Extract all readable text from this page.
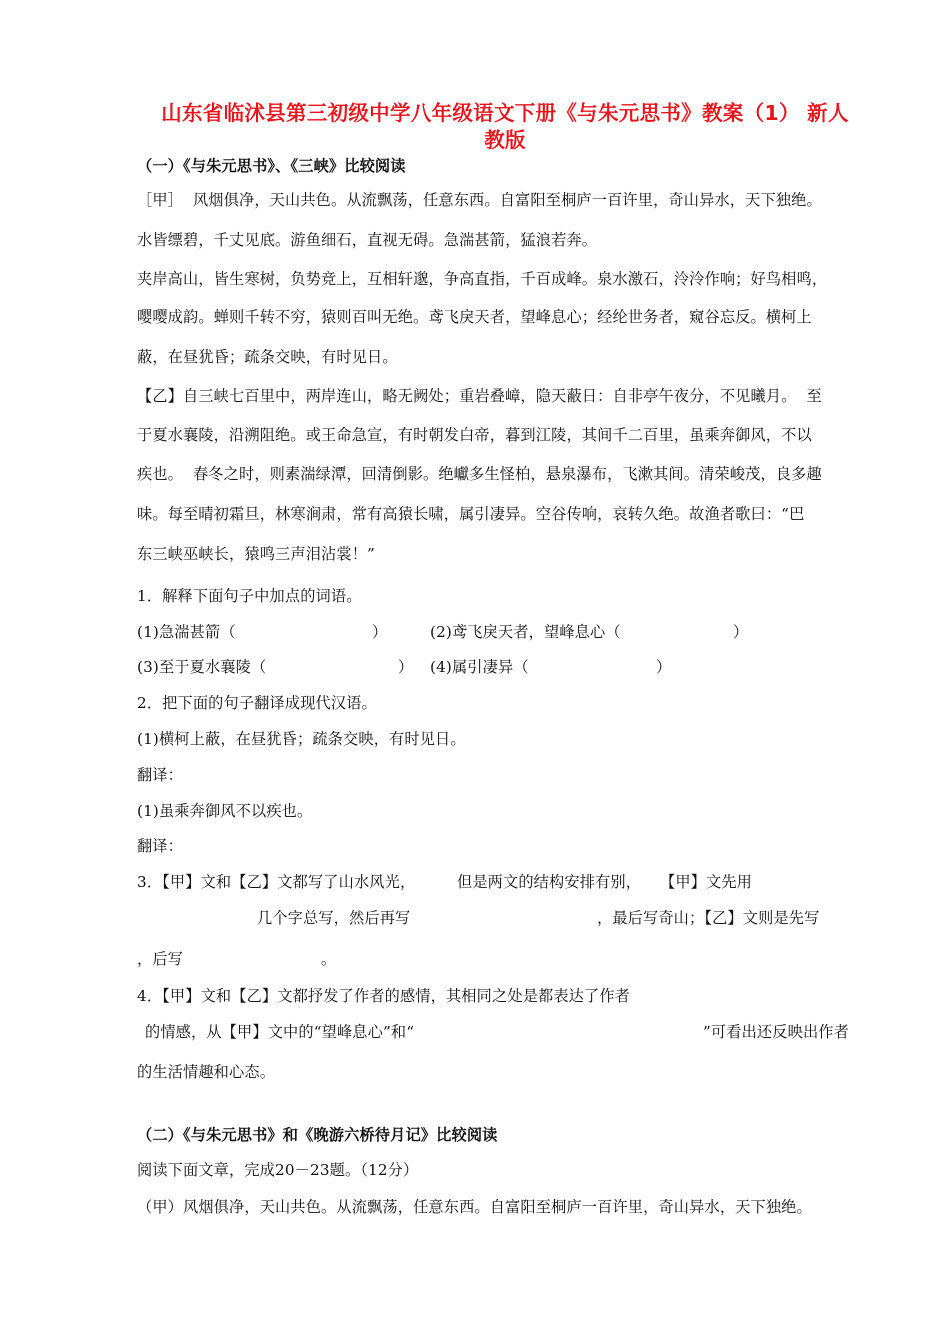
山东省临沭县第三初级中学八年级语文下册《与朱元思书》教案（1） 新人
教版
（一）《与朱元思书》、《三峡》比较阅读
［甲］  风烟俱净，天山共色。从流飘荡，任意东西。自富阳至桐庐一百许里，奇山异水，天下独绝。
水皆缥碧，千丈见底。游鱼细石，直视无碍。急湍甚箭，猛浪若奔。
夹岸高山，皆生寒树，负势竞上，互相轩邈，争高直指，千百成峰。泉水激石，泠泠作响；好鸟相鸣，
嘤嘤成韵。蝉则千转不穷，猿则百叫无绝。鸢飞戾天者，望峰息心；经纶世务者，窥谷忘反。横柯上
蔽，在昼犹昏；疏条交映，有时见日。
【乙】自三峡七百里中，两岸连山，略无阙处；重岩叠嶂，隐天蔽日：自非亭午夜分，不见曦月。  至
于夏水襄陵，沿溯阻绝。或王命急宣，有时朝发白帝，暮到江陵，其间千二百里，虽乘奔御风，不以
疾也。  春冬之时，则素湍绿潭，回清倒影。绝巘多生怪柏，悬泉瀑布，飞漱其间。清荣峻茂，良多趣
味。每至晴初霜旦，林寒涧肃，常有高猿长啸，属引凄异。空谷传响，哀转久绝。故渔者歌曰：“巴
东三峡巫峡长，猿鸣三声泪沾裳！”
1．解释下面句子中加点的词语。
(1)急湍甚箭（	）	(2)鸢飞戾天者，望峰息心（	）
(3)至于夏水襄陵（	） (4)属引凄异（	）
2．把下面的句子翻译成现代汉语。
(1)横柯上蔽，在昼犹昏；疏条交映，有时见日。
翻译：
(1)虽乘奔御风不以疾也。
翻译：
3．【甲】文和【乙】文都写了山水风光，	但是两文的结构安排有别， 【甲】文先用
几个字总写，然后再写	，最后写奇山；【乙】文则是先写
，后写	。
4．【甲】文和【乙】文都抒发了作者的感情，其相同之处是都表达了作者
的情感，从【甲】文中的“望峰息心”和“	”可看出还反映出作者
的生活情趣和心态。
（二）《与朱元思书》和《晚游六桥待月记》比较阅读
阅读下面文章，完成20－23题。（12分）
（甲）风烟俱净，天山共色。从流飘荡，任意东西。自富阳至桐庐一百许里，奇山异水，天下独绝。
